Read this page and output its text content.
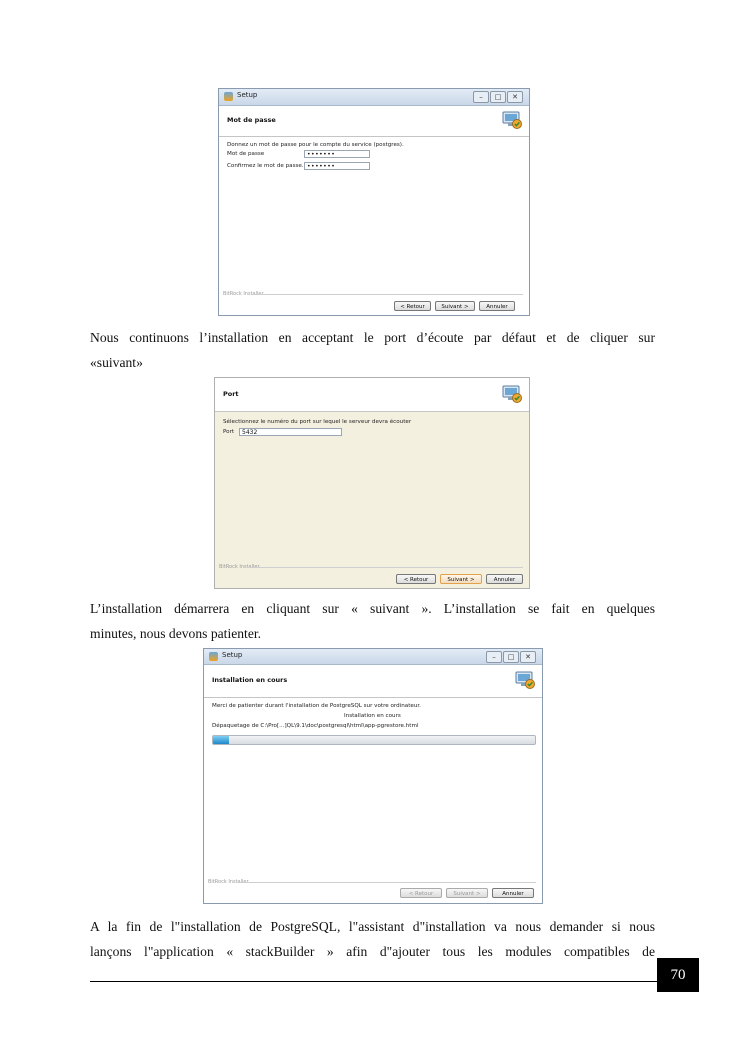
Setup	–	□	✕
Mot de passe
Donnez un mot de passe pour le compte du service (postgres).
Mot de passe	•••••••
Confirmez le mot de passe. •••••••
BitRock Installer
< Retour	Suivant >	Annuler
Nous continuons l’installation en acceptant le port d’écoute par défaut et de cliquer sur
«suivant»
Port
Sélectionnez le numéro du port sur lequel le serveur devra écouter
Port	5432
BitRock Installer
< Retour	Suivant >	Annuler
L’installation démarrera en cliquant sur « suivant ». L’installation se fait en quelques
minutes, nous devons patienter.
Setup	–	□	✕
Installation en cours
Merci de patienter durant l'installation de PostgreSQL sur votre ordinateur.
Installation en cours
Dépaquetage de C:\Pro[...]QL\9.1\doc\postgresql\html\app-pgrestore.html
BitRock Installer
< Retour	Suivant >	Annuler
A la fin de l"installation de PostgreSQL, l"assistant d"installation va nous demander si nous
lançons l"application « stackBuilder » afin d"ajouter tous les modules compatibles de
70
